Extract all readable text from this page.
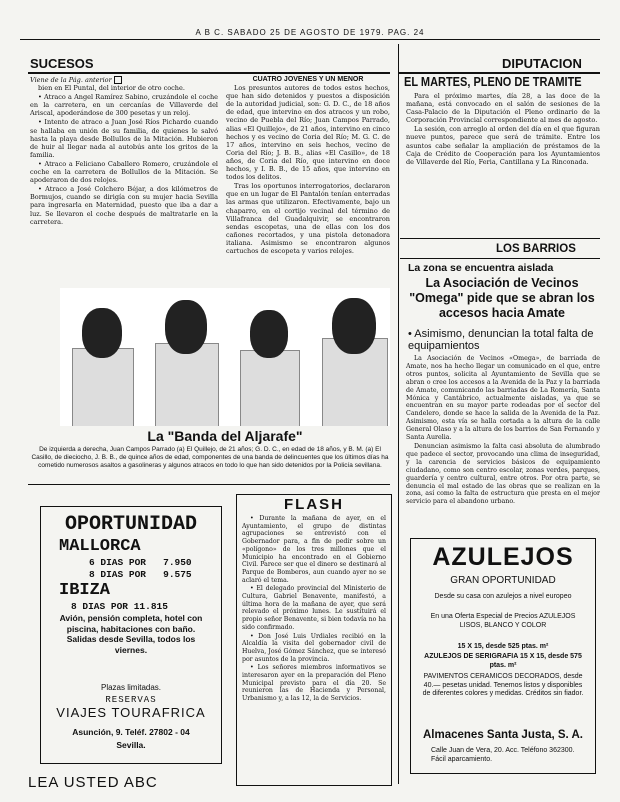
A B C. SABADO 25 DE AGOSTO DE 1979. PAG. 24
SUCESOS
Viene de la Pág. anterior

bien en El Puntal, del interior de otro coche.

• Atraco a Angel Ramírez Sabino, cruzándole el coche en la carretera, en un cercanías de Villaverde del Ariscal, apoderándose de 300 pesetas y un reloj.

• Intento de atraco a Juan José Ríos Pichardo cuando se hallaba en unión de su familia, de quienes le salvó hasta la playa desde Bollullos de la Mitación. Hubieron de huir al llegar nada al autobús ante los gritos de la familia.

• Atraco a Feliciano Caballero Romero, cruzándole el coche en la carretera de Bollullos de la Mitación. Se apoderaron de dos relojes.

• Atraco a José Colchero Béjar, a dos kilómetros de Bormujos, cuando se dirigía con su mujer hacia Sevilla para ingresarla en Maternidad, puesto que iba a dar a luz. Se llevaron el coche después de maltratarle en la carretera.

CUATRO JOVENES Y UN MENOR

Los presuntos autores de todos estos hechos, que han sido detenidos y puestos a disposición de la autoridad judicial, son: G. D. C., de 18 años de edad, que intervino en dos atracos y un robo, vecino de Puebla del Río; Juan Campos Parrado, alias «El Quillejo», de 21 años, intervino en cinco hechos y es vecino de Coria del Río; M. G. C. de 17 años, intervino en seis hechos, vecino de Coria del Río; J. B. B., alias «El Casillo», de 18 años, de Coria del Río, que intervino en doce hechos, y I. B. B., de 15 años, que intervino en todos los delitos.

Tras los oportunos interrogatorios, declararon que en un lugar de El Pantalón tenían enterradas las armas que utilizaron. Efectivamente, bajo un chaparro, en el cortijo vecinal del término de Villafranca del Guadalquivir, se encontraron sendas escopetas, una de ellas con los dos cañones recortados, y una pistola detonadora italiana. Asimismo se encontraron algunos cartuchos de escopeta y varios relojes.

La "Banda del Aljarafe"
De izquierda a derecha, Juan Campos Parrado (a) El Quillejo, de 21 años; G. D. C., en edad de 18 años, y B. M. (a) El Casillo, de dieciocho, J. B. B., de quince años de edad, componentes de una banda de delincuentes que los últimos días ha cometido numerosos asaltos a gasolineras y algunos atracos en todo lo que han sido detenidos por la Policía sevillana.
OPORTUNIDAD
MALLORCA
6 DIAS POR   7.950
8 DIAS POR   9.575
IBIZA
8 DIAS POR 11.815
Avión, pensión completa, hotel con piscina, habitaciones con baño. Salidas desde Sevilla, todos los viernes.
Plazas limitadas.
RESERVAS
VIAJES TOURAFRICA
Asunción, 9. Teléf. 27802 - 04
Sevilla.
LEA USTED ABC
FLASH

• Durante la mañana de ayer, en el Ayuntamiento, el grupo de distintas agrupaciones se entrevistó con el Gobernador para, a fin de pedir sobre un «polígono» de los tres millones que el Municipio ha encontrado en el Gobierno Civil. Parece ser que el dinero se destinará al Parque de Bomberos, aun cuando ayer no se aclaró el tema.

• El delegado provincial del Ministerio de Cultura, Gabriel Benavente, manifestó, a última hora de la mañana de ayer, que será relevado el próximo lunes. Le sustituirá el propio señor Benavente, si bien todavía no ha sido confirmado.

• Don José Luis Urdiales recibió en la Alcaldía la visita del gobernador civil de Huelva, José Gómez Sánchez, que se interesó por asuntos de la provincia.

• Los señores miembros informativos se interesaron ayer en la preparación del Pleno Municipal previsto para el día 20. Se reunieron las de Hacienda y Personal, Urbanismo y, a las 12, la de Servicios.

DIPUTACION
EL MARTES, PLENO DE TRAMITE

Para el próximo martes, día 28, a las doce de la mañana, está convocado en el salón de sesiones de la Casa-Palacio de la Diputación el Pleno ordinario de la Corporación Provincial correspondiente al mes de agosto.

La sesión, con arreglo al orden del día en el que figuran nueve puntos, parece que será de trámite. Entre los asuntos cabe señalar la ampliación de préstamos de la Caja de Crédito de Cooperación para los Ayuntamientos de Villaverde del Río, Feria, Cantillana y La Rinconada.

LOS BARRIOS
La zona se encuentra aislada
La Asociación de Vecinos "Omega" pide que se abran los accesos hacia Amate
• Asimismo, denuncian la total falta de equipamientos

La Asociación de Vecinos «Omega», de barriada de Amate, nos ha hecho llegar un comunicado en el que, entre otros puntos, solicita al Ayuntamiento de Sevilla que se abran o cree los accesos a la Avenida de la Paz y la barriada de Amate, comunicando las barriadas de La Romería, Santa Mónica y Cantábrico, actualmente aisladas, ya que se encuentran en su mayor parte rodeadas por el sector del Candelero, donde se hace la salida de la Avenida de la Paz. Asimismo, esta vía se halla cortada a la altura de la calle General Olaso y a la altura de los barrios de San Fernando y Santa Aurelia.

Denuncian asimismo la falta casi absoluta de alumbrado que padece el sector, provocando una clima de inseguridad, y la carencia de servicios básicos de equipamiento ciudadano, como son centro escolar, zonas verdes, parques, guardería y centro cultural, entre otros. Por otra parte, se denuncia el mal estado de las obras que se realizan en la zona, así como la falta de estructura que presta en el mejor servicio para el abandono urbano.

AZULEJOS
GRAN OPORTUNIDAD
Desde su casa con azulejos a nivel europeo
En una Oferta Especial de Precios AZULEJOS LISOS, BLANCO Y COLOR
15 X 15, desde 525 ptas. m²
AZULEJOS DE SERIGRAFIA 15 X 15, desde 575 ptas. m²
PAVIMENTOS CERAMICOS DECORADOS, desde 40.— pesetas unidad. Tenemos listos y disponibles de diferentes colores y medidas. Créditos sin fiador.
Almacenes Santa Justa, S. A.
Calle Juan de Vera, 20. Acc. Teléfono 362300. Fácil aparcamiento.
